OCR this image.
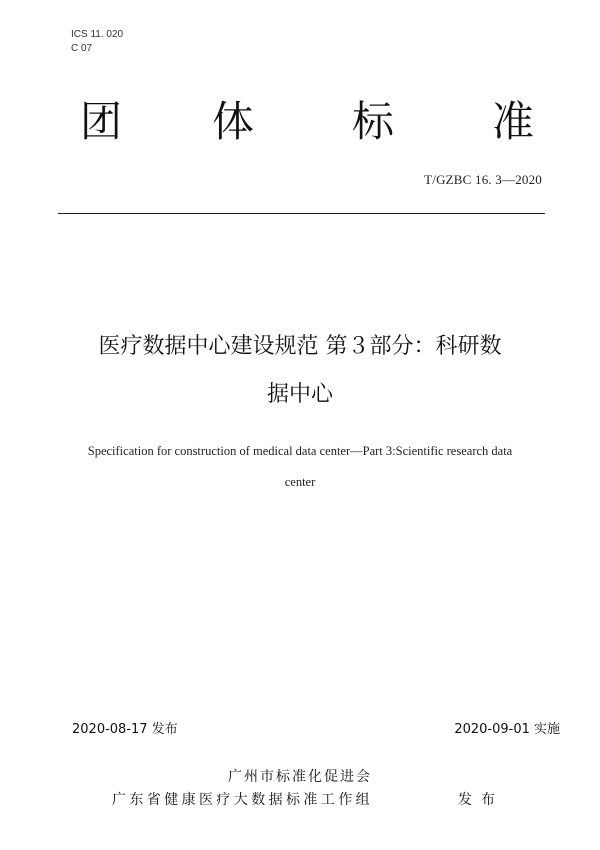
ICS 11. 020
C 07
团 体 标 准
T/GZBC 16. 3—2020
医疗数据中心建设规范 第３部分：科研数
据中心
Specification for construction of medical data center—Part 3:Scientific research data
center
2020-08-17 发布	2020-09-01 实施
广州市标准化促进会
广东省健康医疗大数据标准工作组	发  布
